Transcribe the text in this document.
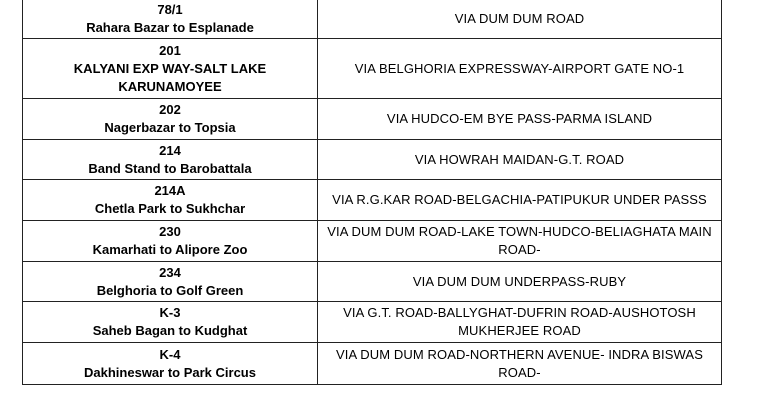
78/1
Rahara Bazar to Esplanade	VIA DUM DUM ROAD

201
KALYANI EXP WAY-SALT LAKE KARUNAMOYEE	VIA BELGHORIA EXPRESSWAY-AIRPORT GATE NO-1

202
Nagerbazar to Topsia	VIA HUDCO-EM BYE PASS-PARMA ISLAND

214
Band Stand to Barobattala	VIA HOWRAH MAIDAN-G.T. ROAD

214A
Chetla Park to Sukhchar	VIA R.G.KAR ROAD-BELGACHIA-PATIPUKUR UNDER PASSS

230
Kamarhati to Alipore Zoo	VIA DUM DUM ROAD-LAKE TOWN-HUDCO-BELIAGHATA MAIN ROAD-

234
Belghoria to Golf Green	VIA DUM DUM UNDERPASS-RUBY

K-3
Saheb Bagan to Kudghat	VIA G.T. ROAD-BALLYGHAT-DUFRIN ROAD-AUSHOTOSH MUKHERJEE ROAD

K-4
Dakhineswar to Park Circus	VIA DUM DUM ROAD-NORTHERN AVENUE- INDRA BISWAS ROAD-
